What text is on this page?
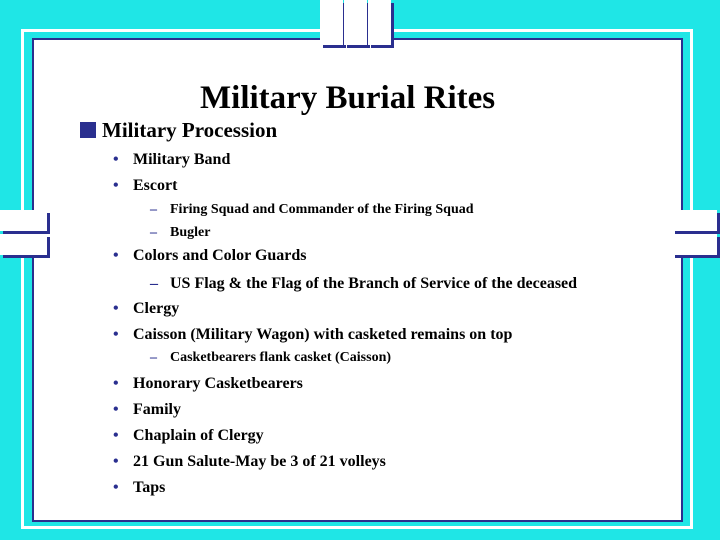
Military Burial Rites
Military Procession
• Military Band
• Escort
– Firing Squad and Commander of the Firing Squad
– Bugler
• Colors and Color Guards
– US Flag & the Flag of the Branch of Service of the deceased
• Clergy
• Caisson (Military Wagon) with casketed remains on top
– Casketbearers flank casket (Caisson)
• Honorary Casketbearers
• Family
• Chaplain of Clergy
• 21 Gun Salute-May be 3 of 21 volleys
• Taps
